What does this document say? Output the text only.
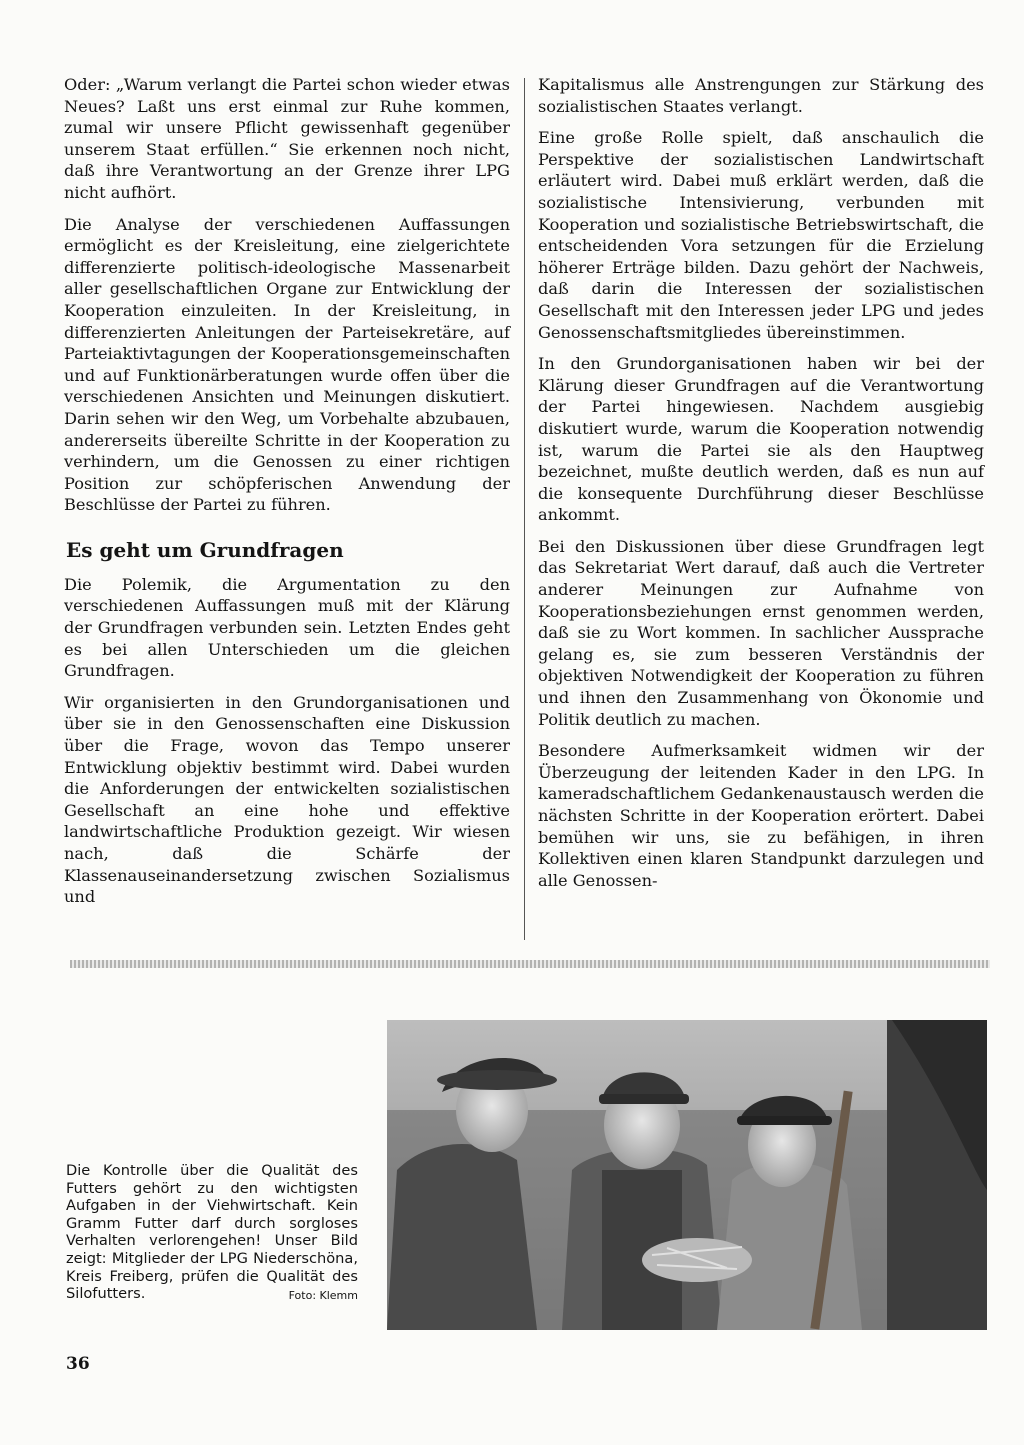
Oder: „Warum verlangt die Partei schon wieder etwas Neues? Laßt uns erst einmal zur Ruhe kommen, zumal wir unsere Pflicht gewissenhaft gegenüber unserem Staat erfüllen.“ Sie erkennen noch nicht, daß ihre Verantwortung an der Grenze ihrer LPG nicht aufhört.

Die Analyse der verschiedenen Auffassungen ermöglicht es der Kreisleitung, eine zielgerichtete differenzierte politisch-ideologische Massenarbeit aller gesellschaftlichen Organe zur Entwicklung der Kooperation einzuleiten. In der Kreisleitung, in differenzierten Anleitungen der Parteisekretäre, auf Parteiaktivtagungen der Kooperationsgemeinschaften und auf Funktionärberatungen wurde offen über die verschiedenen Ansichten und Meinungen diskutiert. Darin sehen wir den Weg, um Vorbehalte abzubauen, andererseits übereilte Schritte in der Kooperation zu verhindern, um die Genossen zu einer richtigen Position zur schöpferischen Anwendung der Beschlüsse der Partei zu führen.

Es geht um Grundfragen

Die Polemik, die Argumentation zu den verschiedenen Auffassungen muß mit der Klärung der Grundfragen verbunden sein. Letzten Endes geht es bei allen Unterschieden um die gleichen Grundfragen.

Wir organisierten in den Grundorganisationen und über sie in den Genossenschaften eine Diskussion über die Frage, wovon das Tempo unserer Entwicklung objektiv bestimmt wird. Dabei wurden die Anforderungen der entwickelten sozialistischen Gesellschaft an eine hohe und effektive landwirtschaftliche Produktion gezeigt. Wir wiesen nach, daß die Schärfe der Klassenauseinandersetzung zwischen Sozialismus und

Kapitalismus alle Anstrengungen zur Stärkung des sozialistischen Staates verlangt.

Eine große Rolle spielt, daß anschaulich die Perspektive der sozialistischen Landwirtschaft erläutert wird. Dabei muß erklärt werden, daß die sozialistische Intensivierung, verbunden mit Kooperation und sozialistische Betriebswirtschaft, die entscheidenden Vora setzungen für die Erzielung höherer Erträge bilden. Dazu gehört der Nachweis, daß darin die Interessen der sozialistischen Gesellschaft mit den Interessen jeder LPG und jedes Genossenschaftsmitgliedes übereinstimmen.

In den Grundorganisationen haben wir bei der Klärung dieser Grundfragen auf die Verantwortung der Partei hingewiesen. Nachdem ausgiebig diskutiert wurde, warum die Kooperation notwendig ist, warum die Partei sie als den Hauptweg bezeichnet, mußte deutlich werden, daß es nun auf die konsequente Durchführung dieser Beschlüsse ankommt.

Bei den Diskussionen über diese Grundfragen legt das Sekretariat Wert darauf, daß auch die Vertreter anderer Meinungen zur Aufnahme von Kooperationsbeziehungen ernst genommen werden, daß sie zu Wort kommen. In sachlicher Aussprache gelang es, sie zum besseren Verständnis der objektiven Notwendigkeit der Kooperation zu führen und ihnen den Zusammenhang von Ökonomie und Politik deutlich zu machen.

Besondere Aufmerksamkeit widmen wir der Überzeugung der leitenden Kader in den LPG. In kameradschaftlichem Gedankenaustausch werden die nächsten Schritte in der Kooperation erörtert. Dabei bemühen wir uns, sie zu befähigen, in ihren Kollektiven einen klaren Standpunkt darzulegen und alle Genossen-

Die Kontrolle über die Qualität des Futters gehört zu den wichtigsten Aufgaben in der Viehwirtschaft. Kein Gramm Futter darf durch sorgloses Verhalten verlorengehen! Unser Bild zeigt: Mitglieder der LPG Niederschöna, Kreis Freiberg, prüfen die Qualität des Silofutters.	Foto: Klemm
36
